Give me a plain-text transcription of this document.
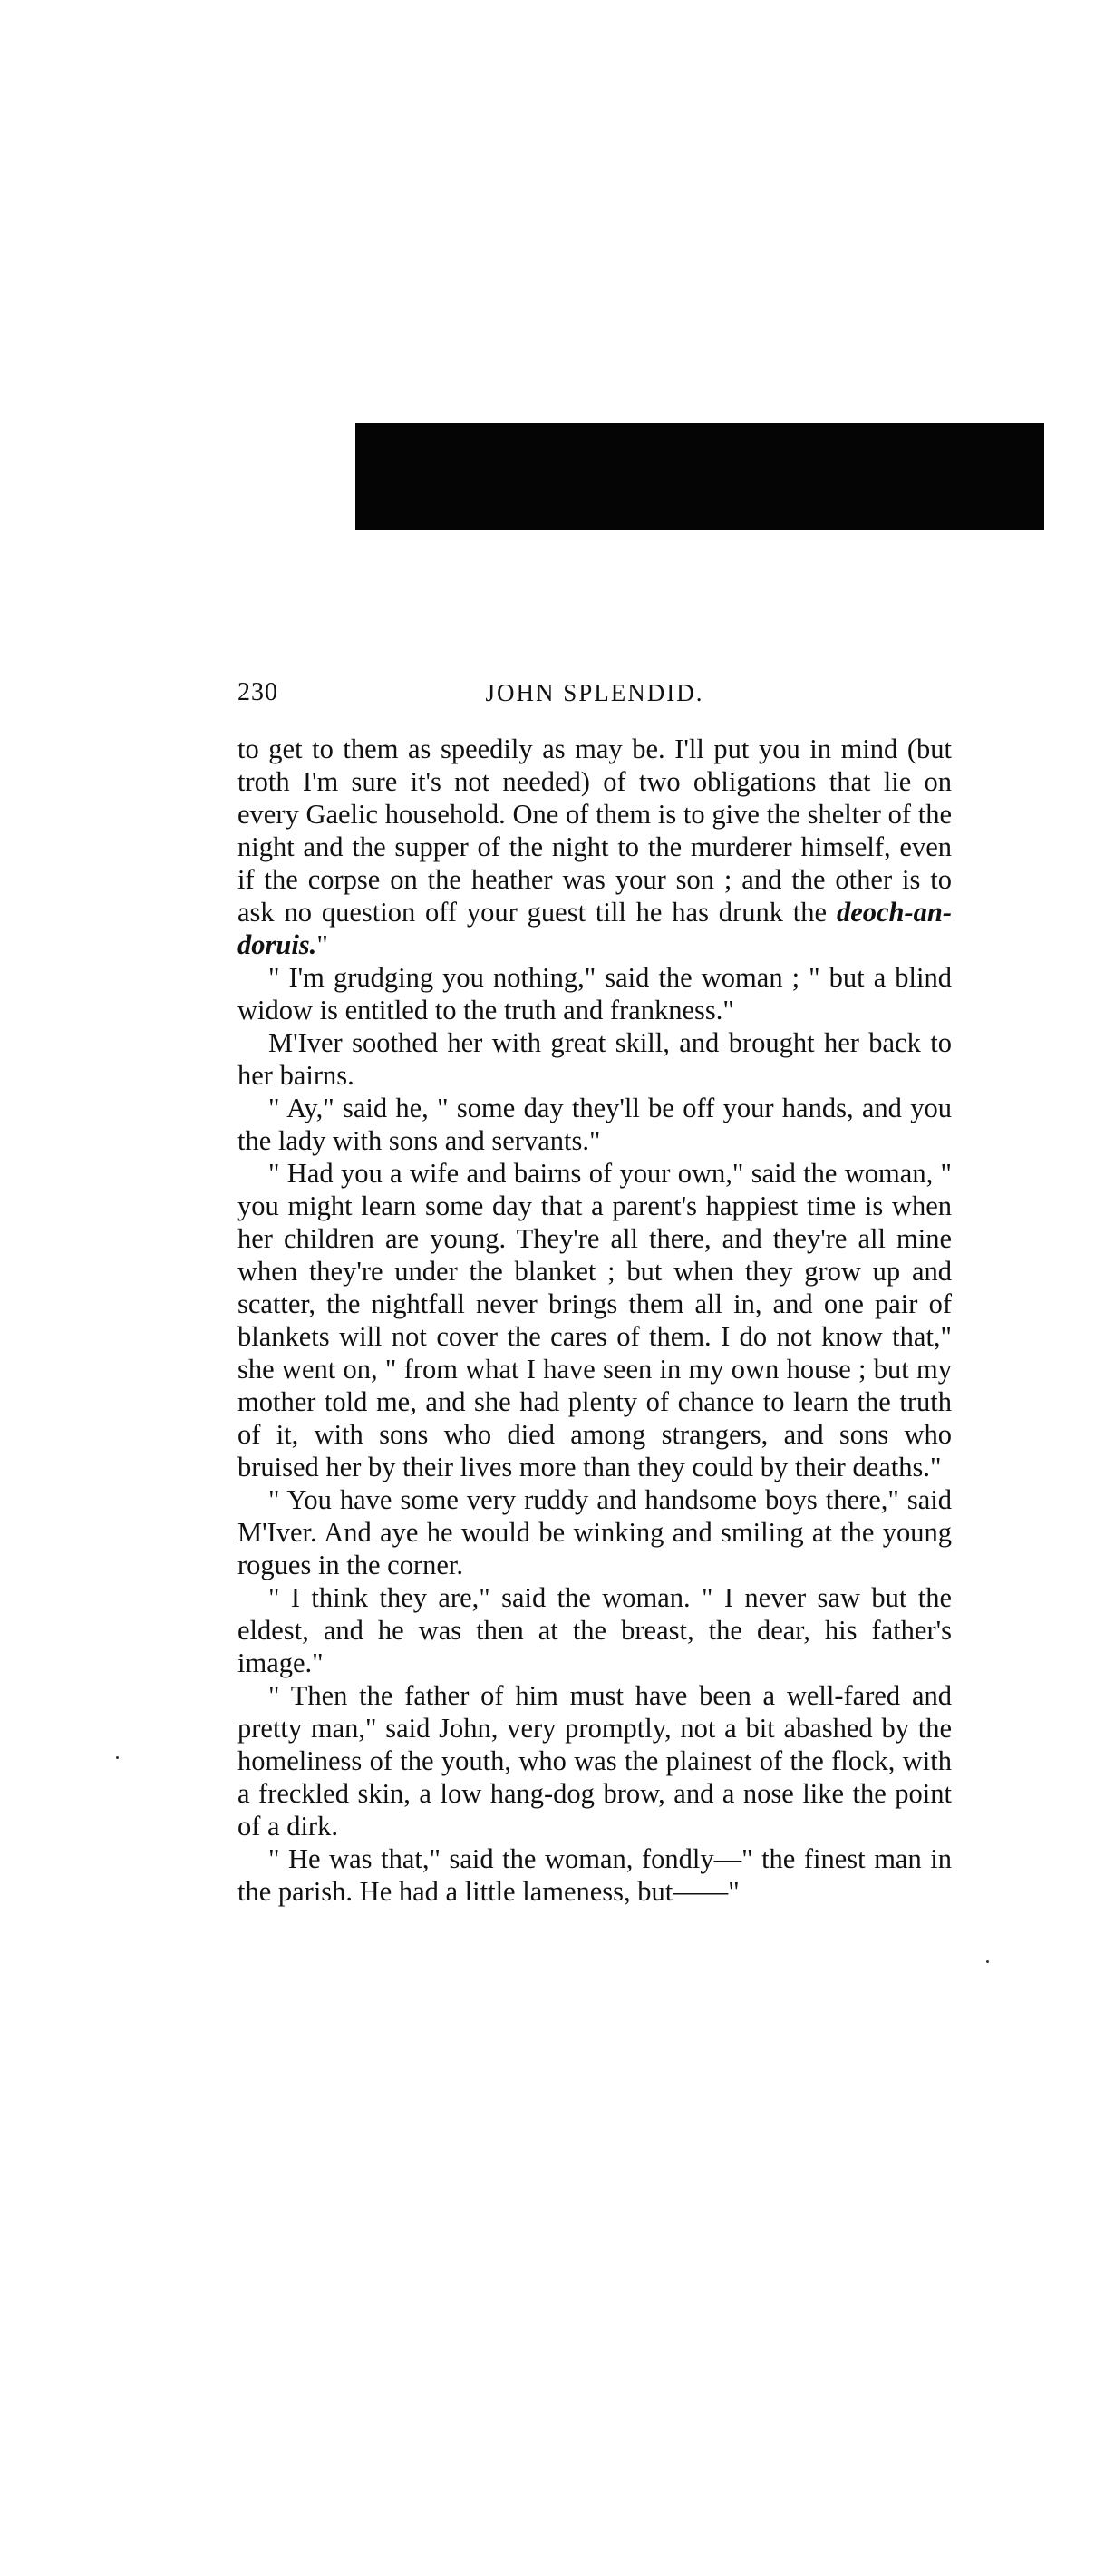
230	JOHN SPLENDID.

to get to them as speedily as may be. I'll put you in mind (but troth I'm sure it's not needed) of two obligations that lie on every Gaelic household. One of them is to give the shelter of the night and the supper of the night to the murderer himself, even if the corpse on the heather was your son ; and the other is to ask no question off your guest till he has drunk the deoch-an-doruis."

" I'm grudging you nothing," said the woman ; " but a blind widow is entitled to the truth and frankness."

M'Iver soothed her with great skill, and brought her back to her bairns.

" Ay," said he, " some day they'll be off your hands, and you the lady with sons and servants."

" Had you a wife and bairns of your own," said the woman, " you might learn some day that a parent's happiest time is when her children are young. They're all there, and they're all mine when they're under the blanket ; but when they grow up and scatter, the nightfall never brings them all in, and one pair of blankets will not cover the cares of them. I do not know that," she went on, " from what I have seen in my own house ; but my mother told me, and she had plenty of chance to learn the truth of it, with sons who died among strangers, and sons who bruised her by their lives more than they could by their deaths."

" You have some very ruddy and handsome boys there," said M'Iver. And aye he would be winking and smiling at the young rogues in the corner.

" I think they are," said the woman. " I never saw but the eldest, and he was then at the breast, the dear, his father's image."

" Then the father of him must have been a well-fared and pretty man," said John, very promptly, not a bit abashed by the homeliness of the youth, who was the plainest of the flock, with a freckled skin, a low hang-dog brow, and a nose like the point of a dirk.

" He was that," said the woman, fondly—" the finest man in the parish. He had a little lameness, but——"
